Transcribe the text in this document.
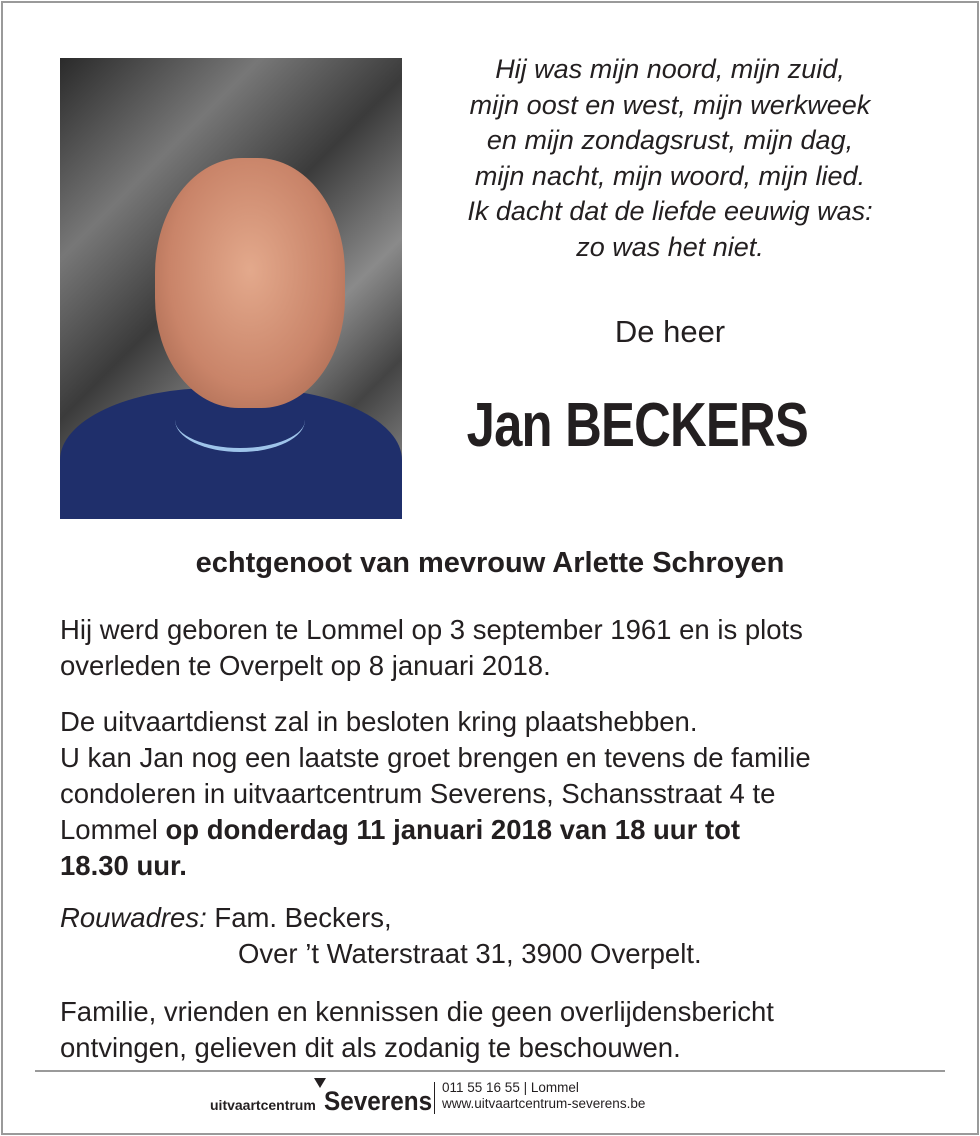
Hij was mijn noord, mijn zuid,
mijn oost en west, mijn werkweek
en mijn zondagsrust, mijn dag,
mijn nacht, mijn woord, mijn lied.
Ik dacht dat de liefde eeuwig was:
zo was het niet.
De heer
Jan BECKERS
echtgenoot van mevrouw Arlette Schroyen
Hij werd geboren te Lommel op 3 september 1961 en is plots
overleden te Overpelt op 8 januari 2018.
De uitvaartdienst zal in besloten kring plaatshebben.
U kan Jan nog een laatste groet brengen en tevens de familie
condoleren in uitvaartcentrum Severens, Schansstraat 4 te
Lommel op donderdag 11 januari 2018 van 18 uur tot
18.30 uur.
Rouwadres: Fam. Beckers,
Over ’t Waterstraat 31, 3900 Overpelt.
Familie, vrienden en kennissen die geen overlijdensbericht
ontvingen, gelieven dit als zodanig te beschouwen.
uitvaartcentrum Severens 011 55 16 55 | Lommel
www.uitvaartcentrum-severens.be
